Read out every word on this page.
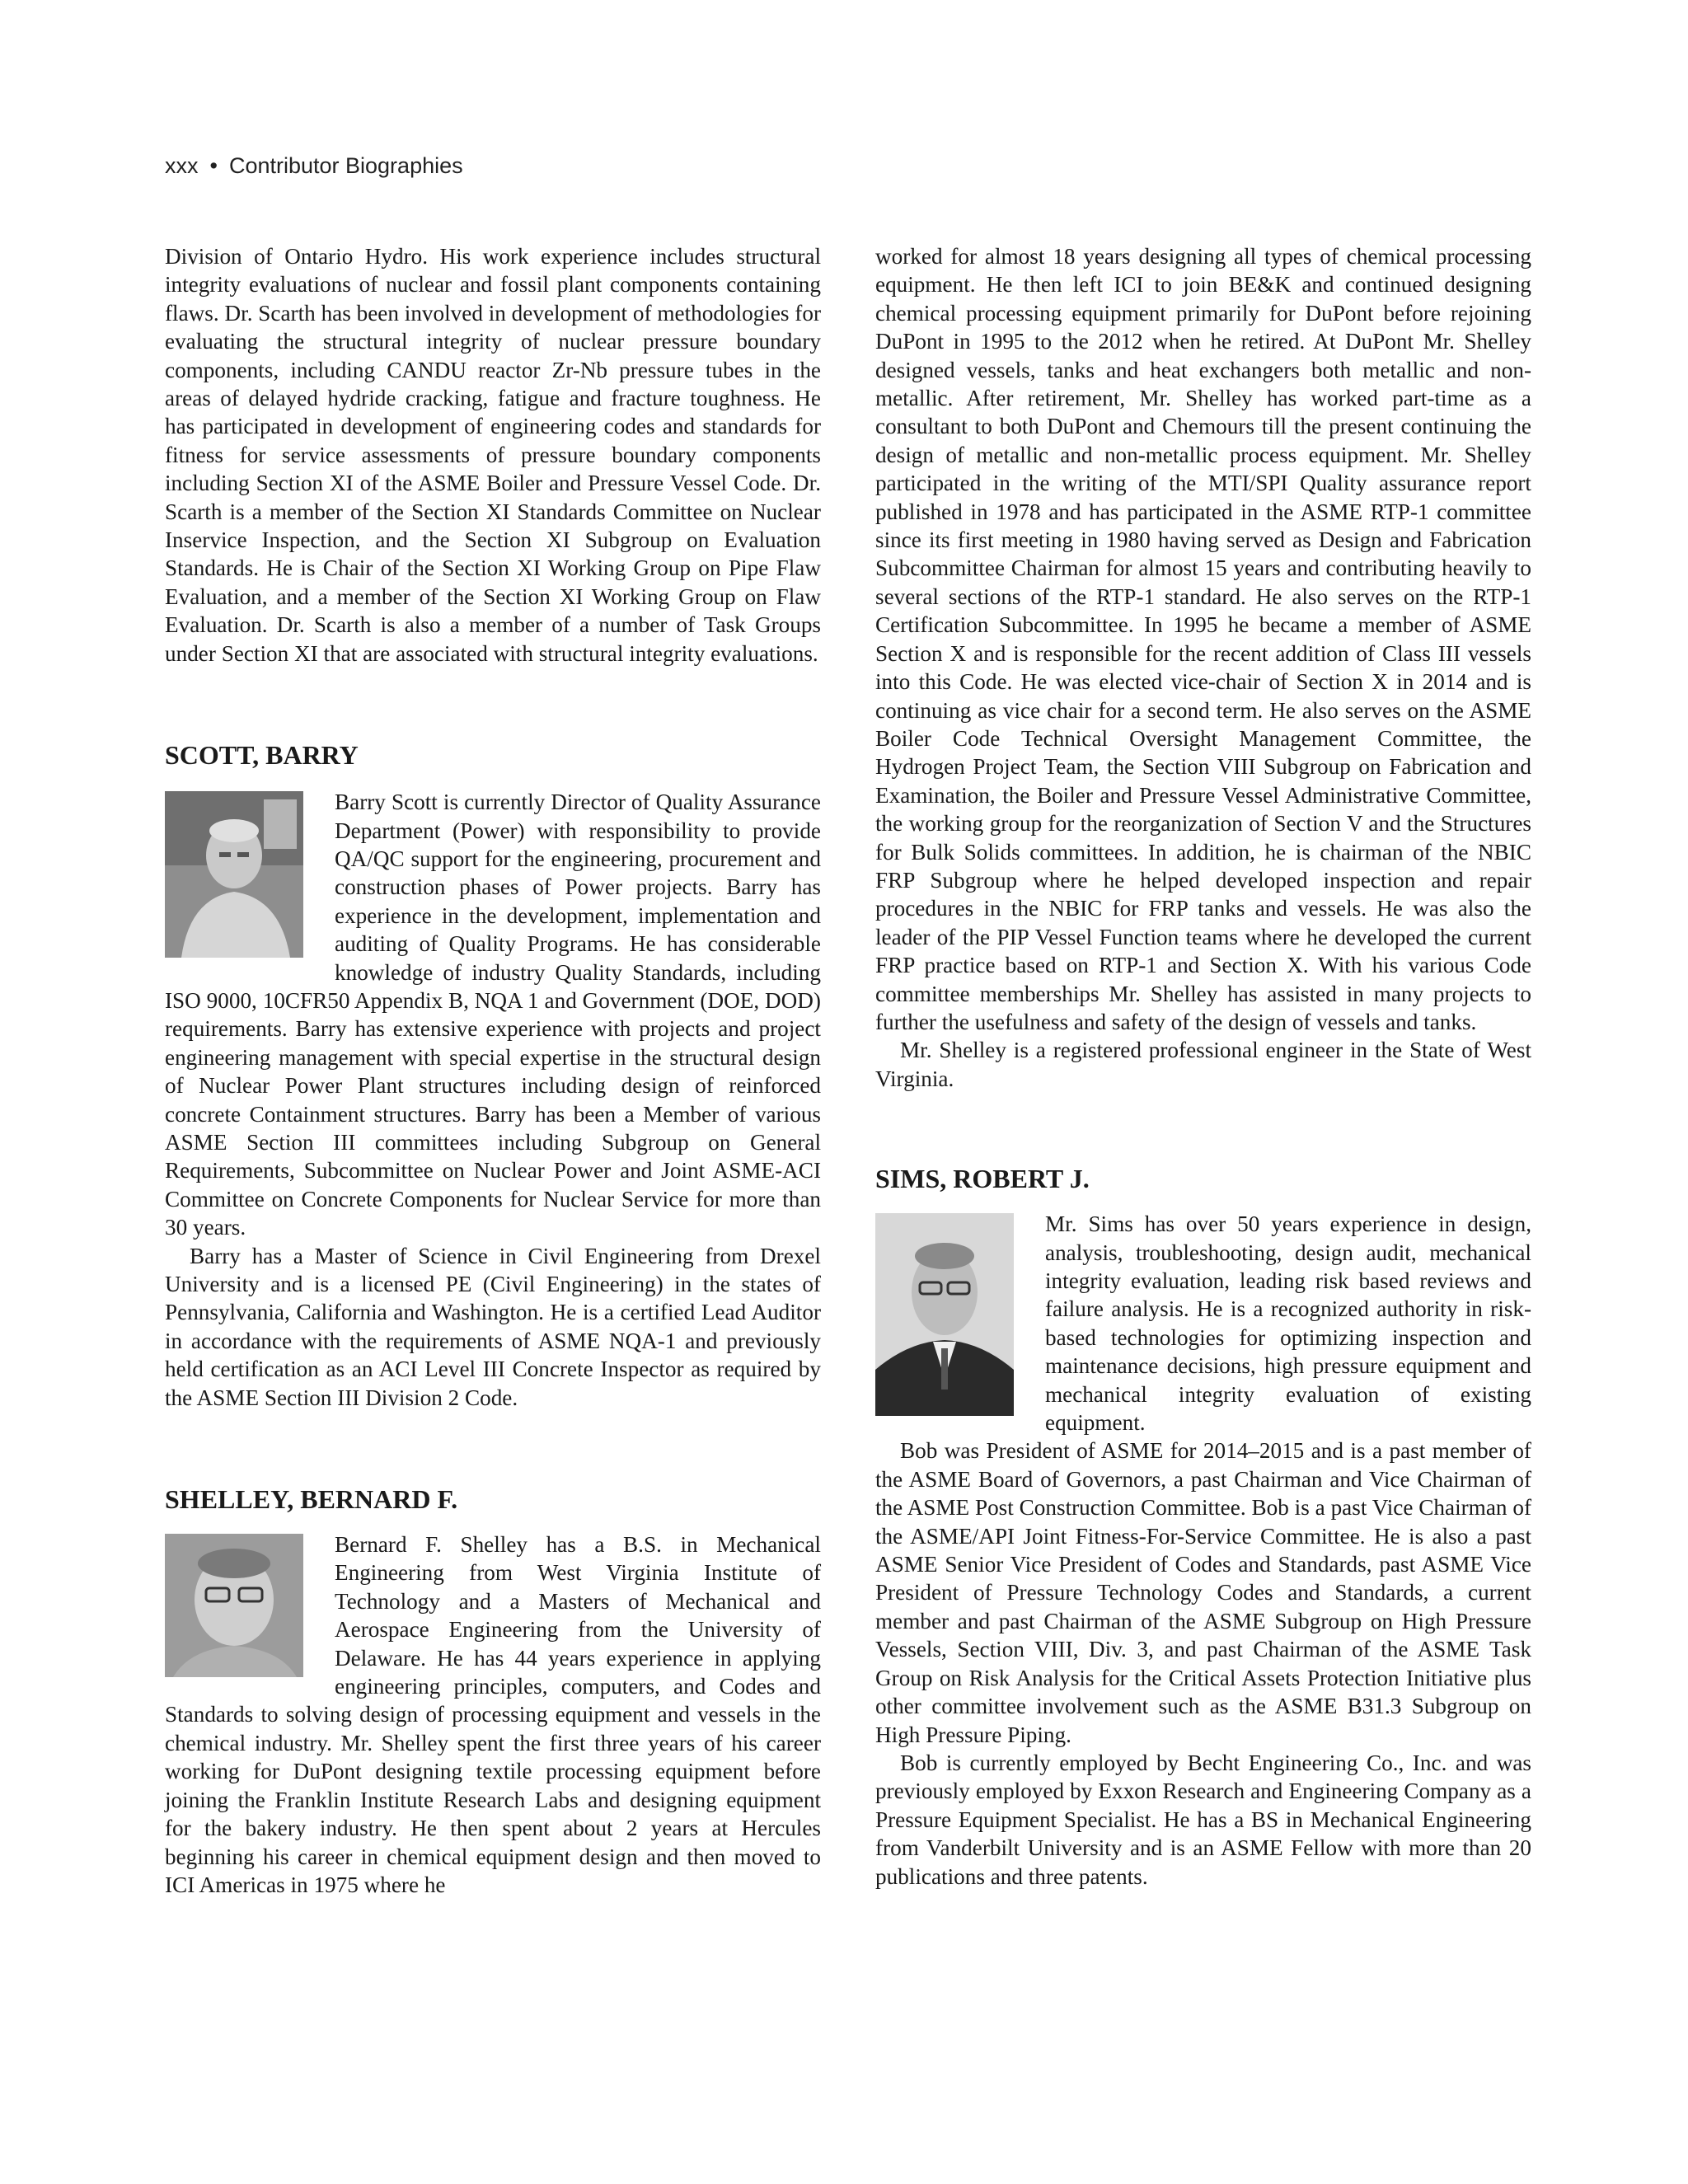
xxx • Contributor Biographies

Division of Ontario Hydro. His work experience includes structural integrity evaluations of nuclear and fossil plant components containing flaws. Dr. Scarth has been involved in development of methodologies for evaluating the structural integrity of nuclear pressure boundary components, including CANDU reactor Zr-Nb pressure tubes in the areas of delayed hydride cracking, fatigue and fracture toughness. He has participated in development of engineering codes and standards for fitness for service assessments of pressure boundary components including Section XI of the ASME Boiler and Pressure Vessel Code. Dr. Scarth is a member of the Section XI Standards Committee on Nuclear Inservice Inspection, and the Section XI Subgroup on Evaluation Standards. He is Chair of the Section XI Working Group on Pipe Flaw Evaluation, and a member of the Section XI Working Group on Flaw Evaluation. Dr. Scarth is also a member of a number of Task Groups under Section XI that are associated with structural integrity evaluations.

SCOTT, BARRY

Barry Scott is currently Director of Quality Assurance Department (Power) with responsibility to provide QA/QC support for the engineering, procurement and construction phases of Power projects. Barry has experience in the development, implementation and auditing of Quality Programs. He has considerable knowledge of industry Quality Standards, including ISO 9000, 10CFR50 Appendix B, NQA 1 and Government (DOE, DOD) requirements. Barry has extensive experience with projects and project engineering management with special expertise in the structural design of Nuclear Power Plant structures including design of reinforced concrete Containment structures. Barry has been a Member of various ASME Section III committees including Subgroup on General Requirements, Subcommittee on Nuclear Power and Joint ASME-ACI Committee on Concrete Components for Nuclear Service for more than 30 years.

Barry has a Master of Science in Civil Engineering from Drexel University and is a licensed PE (Civil Engineering) in the states of Pennsylvania, California and Washington. He is a certified Lead Auditor in accordance with the requirements of ASME NQA-1 and previously held certification as an ACI Level III Concrete Inspector as required by the ASME Section III Division 2 Code.

SHELLEY, BERNARD F.

Bernard F. Shelley has a B.S. in Mechanical Engineering from West Virginia Institute of Technology and a Masters of Mechanical and Aerospace Engineering from the University of Delaware. He has 44 years experience in applying engineering principles, computers, and Codes and Standards to solving design of processing equipment and vessels in the chemical industry. Mr. Shelley spent the first three years of his career working for DuPont designing textile processing equipment before joining the Franklin Institute Research Labs and designing equipment for the bakery industry. He then spent about 2 years at Hercules beginning his career in chemical equipment design and then moved to ICI Americas in 1975 where he

worked for almost 18 years designing all types of chemical processing equipment. He then left ICI to join BE&K and continued designing chemical processing equipment primarily for DuPont before rejoining DuPont in 1995 to the 2012 when he retired. At DuPont Mr. Shelley designed vessels, tanks and heat exchangers both metallic and non-metallic. After retirement, Mr. Shelley has worked part-time as a consultant to both DuPont and Chemours till the present continuing the design of metallic and non-metallic process equipment. Mr. Shelley participated in the writing of the MTI/SPI Quality assurance report published in 1978 and has participated in the ASME RTP-1 committee since its first meeting in 1980 having served as Design and Fabrication Subcommittee Chairman for almost 15 years and contributing heavily to several sections of the RTP-1 standard. He also serves on the RTP-1 Certification Subcommittee. In 1995 he became a member of ASME Section X and is responsible for the recent addition of Class III vessels into this Code. He was elected vice-chair of Section X in 2014 and is continuing as vice chair for a second term. He also serves on the ASME Boiler Code Technical Oversight Management Committee, the Hydrogen Project Team, the Section VIII Subgroup on Fabrication and Examination, the Boiler and Pressure Vessel Administrative Committee, the working group for the reorganization of Section V and the Structures for Bulk Solids committees. In addition, he is chairman of the NBIC FRP Subgroup where he helped developed inspection and repair procedures in the NBIC for FRP tanks and vessels. He was also the leader of the PIP Vessel Function teams where he developed the current FRP practice based on RTP-1 and Section X. With his various Code committee memberships Mr. Shelley has assisted in many projects to further the usefulness and safety of the design of vessels and tanks.

Mr. Shelley is a registered professional engineer in the State of West Virginia.

SIMS, ROBERT J.

Mr. Sims has over 50 years experience in design, analysis, troubleshooting, design audit, mechanical integrity evaluation, leading risk based reviews and failure analysis. He is a recognized authority in risk-based technologies for optimizing inspection and maintenance decisions, high pressure equipment and mechanical integrity evaluation of existing equipment.

Bob was President of ASME for 2014–2015 and is a past member of the ASME Board of Governors, a past Chairman and Vice Chairman of the ASME Post Construction Committee. Bob is a past Vice Chairman of the ASME/API Joint Fitness-For-Service Committee. He is also a past ASME Senior Vice President of Codes and Standards, past ASME Vice President of Pressure Technology Codes and Standards, a current member and past Chairman of the ASME Subgroup on High Pressure Vessels, Section VIII, Div. 3, and past Chairman of the ASME Task Group on Risk Analysis for the Critical Assets Protection Initiative plus other committee involvement such as the ASME B31.3 Subgroup on High Pressure Piping.

Bob is currently employed by Becht Engineering Co., Inc. and was previously employed by Exxon Research and Engineering Company as a Pressure Equipment Specialist. He has a BS in Mechanical Engineering from Vanderbilt University and is an ASME Fellow with more than 20 publications and three patents.
